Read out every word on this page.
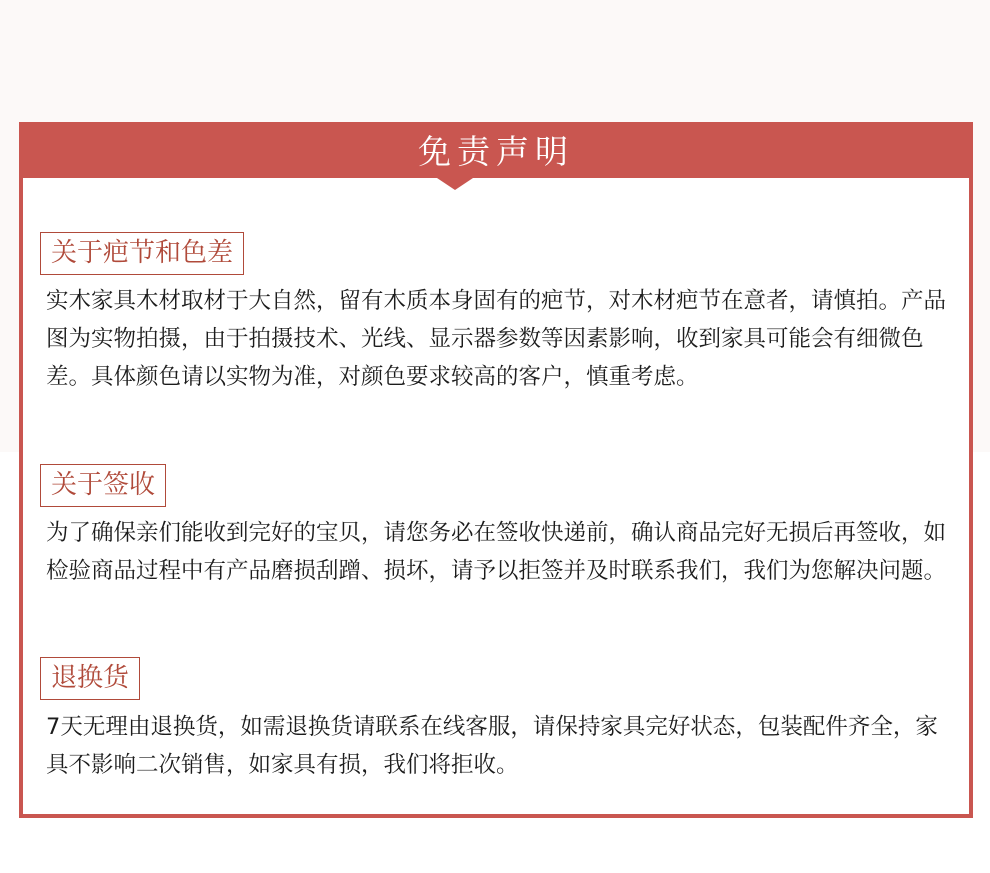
免责声明
关于疤节和色差
实木家具木材取材于大自然，留有木质本身固有的疤节，对木材疤节在意者，请慎拍。产品图为实物拍摄，由于拍摄技术、光线、显示器参数等因素影响，收到家具可能会有细微色差。具体颜色请以实物为准，对颜色要求较高的客户，慎重考虑。
关于签收
为了确保亲们能收到完好的宝贝，请您务必在签收快递前，确认商品完好无损后再签收，如检验商品过程中有产品磨损刮蹭、损坏，请予以拒签并及时联系我们，我们为您解决问题。
退换货
7天无理由退换货，如需退换货请联系在线客服，请保持家具完好状态，包装配件齐全，家具不影响二次销售，如家具有损，我们将拒收。
